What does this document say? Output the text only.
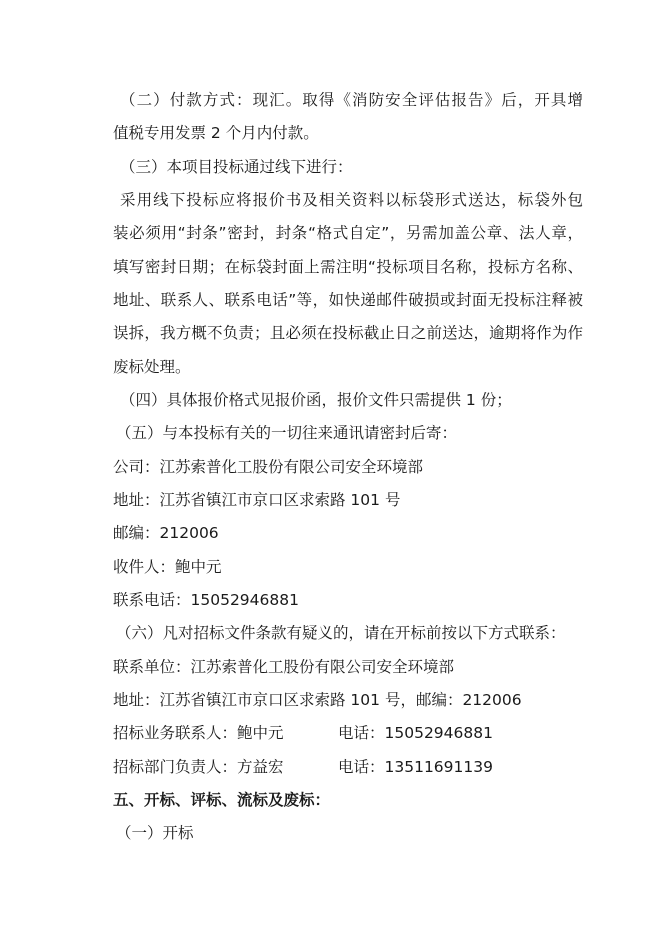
（二）付款方式：现汇。取得《消防安全评估报告》后，开具增
值税专用发票 2 个月内付款。
（三）本项目投标通过线下进行：
采用线下投标应将报价书及相关资料以标袋形式送达，标袋外包
装必须用“封条”密封，封条“格式自定”，另需加盖公章、法人章，
填写密封日期；在标袋封面上需注明“投标项目名称，投标方名称、
地址、联系人、联系电话”等，如快递邮件破损或封面无投标注释被
误拆，我方概不负责；且必须在投标截止日之前送达，逾期将作为作
废标处理。
（四）具体报价格式见报价函，报价文件只需提供 1 份；
（五）与本投标有关的一切往来通讯请密封后寄：
公司：江苏索普化工股份有限公司安全环境部
地址：江苏省镇江市京口区求索路 101 号
邮编：212006
收件人：鲍中元
联系电话：15052946881
（六）凡对招标文件条款有疑义的，请在开标前按以下方式联系：
联系单位：江苏索普化工股份有限公司安全环境部
地址：江苏省镇江市京口区求索路 101 号，邮编：212006
招标业务联系人：鲍中元	电话：15052946881
招标部门负责人：方益宏	电话：13511691139
五、开标、评标、流标及废标：
（一）开标
